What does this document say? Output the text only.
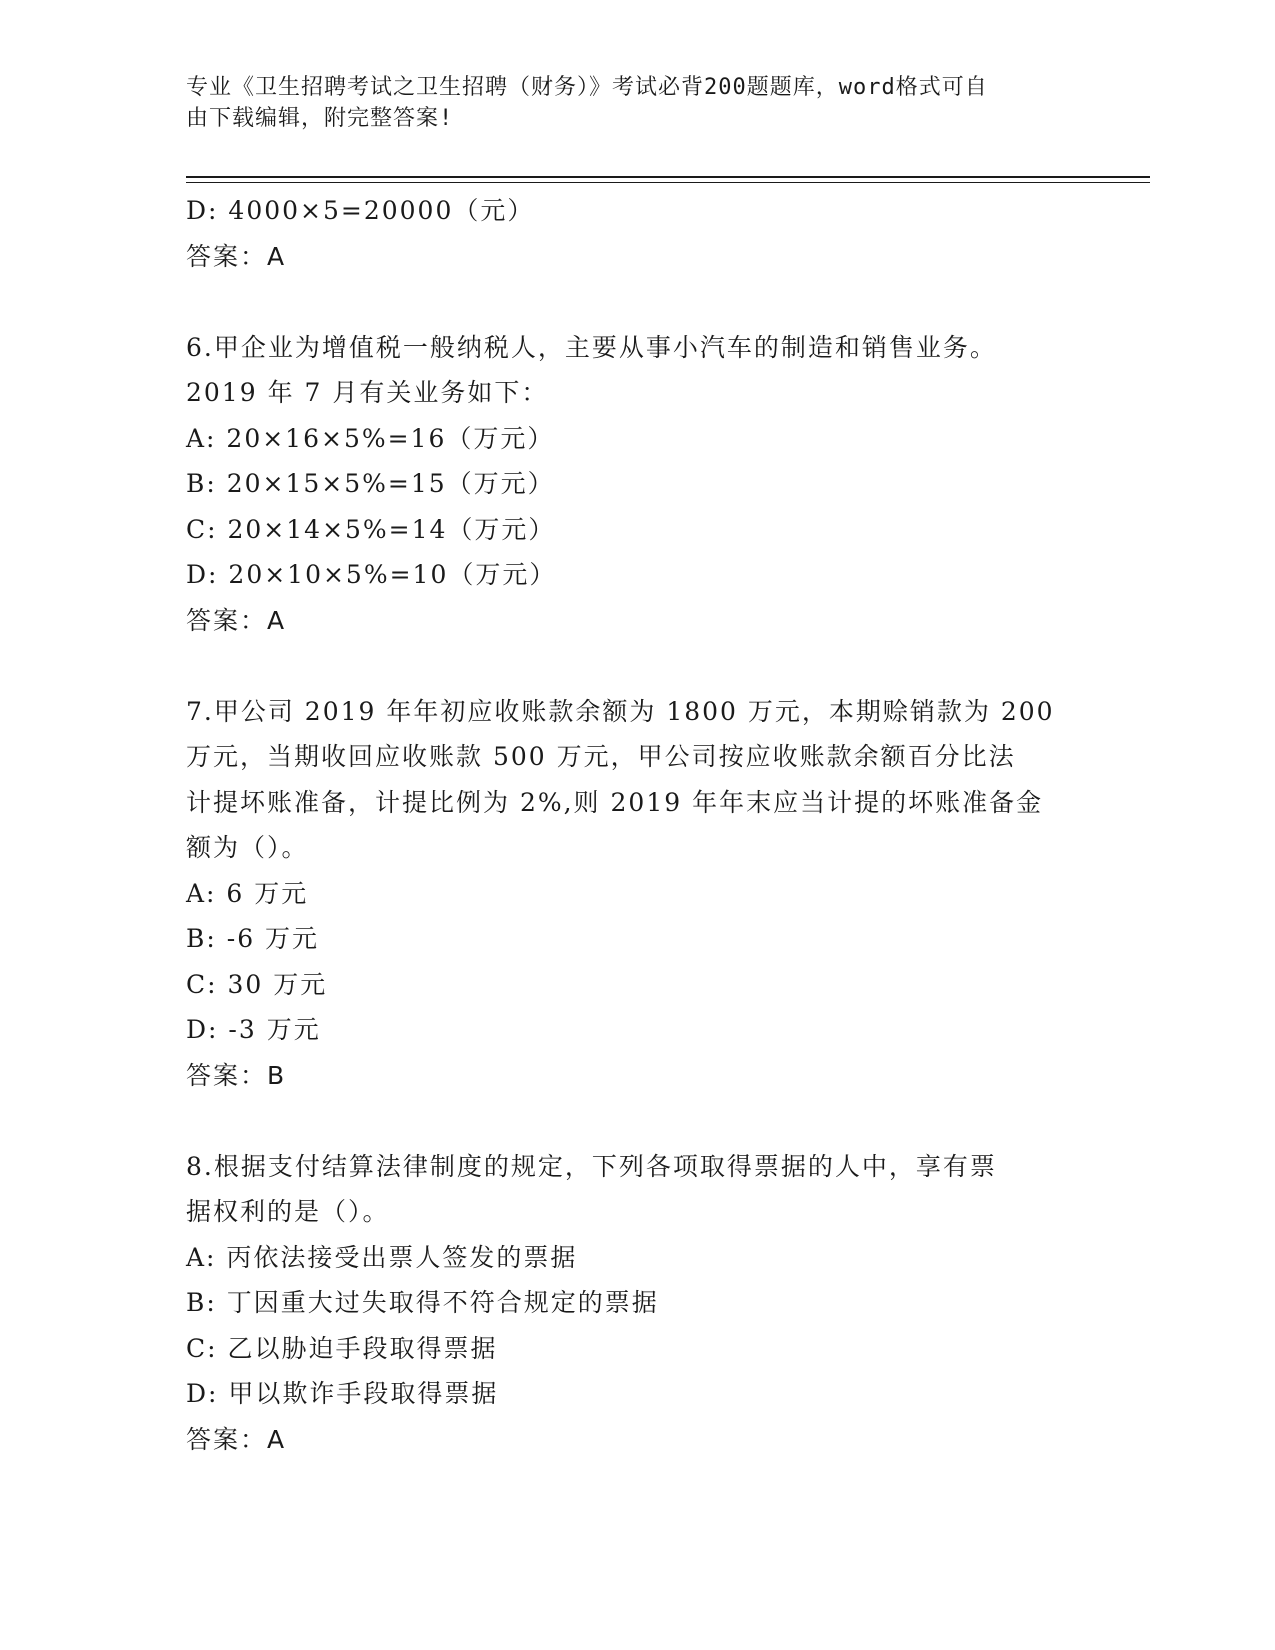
专业《卫生招聘考试之卫生招聘（财务）》考试必背200题题库，word格式可自
由下载编辑，附完整答案!
D: 4000×5=20000（元）
答案：A
6.甲企业为增值税一般纳税人，主要从事小汽车的制造和销售业务。
2019 年 7 月有关业务如下：
A: 20×16×5%=16（万元）
B: 20×15×5%=15（万元）
C: 20×14×5%=14（万元）
D: 20×10×5%=10（万元）
答案：A
7.甲公司 2019 年年初应收账款余额为 1800 万元，本期赊销款为 200
万元，当期收回应收账款 500 万元，甲公司按应收账款余额百分比法
计提坏账准备，计提比例为 2%,则 2019 年年末应当计提的坏账准备金
额为（）。
A: 6 万元
B: -6 万元
C: 30 万元
D: -3 万元
答案：B
8.根据支付结算法律制度的规定，下列各项取得票据的人中，享有票
据权利的是（）。
A: 丙依法接受出票人签发的票据
B: 丁因重大过失取得不符合规定的票据
C: 乙以胁迫手段取得票据
D: 甲以欺诈手段取得票据
答案：A
